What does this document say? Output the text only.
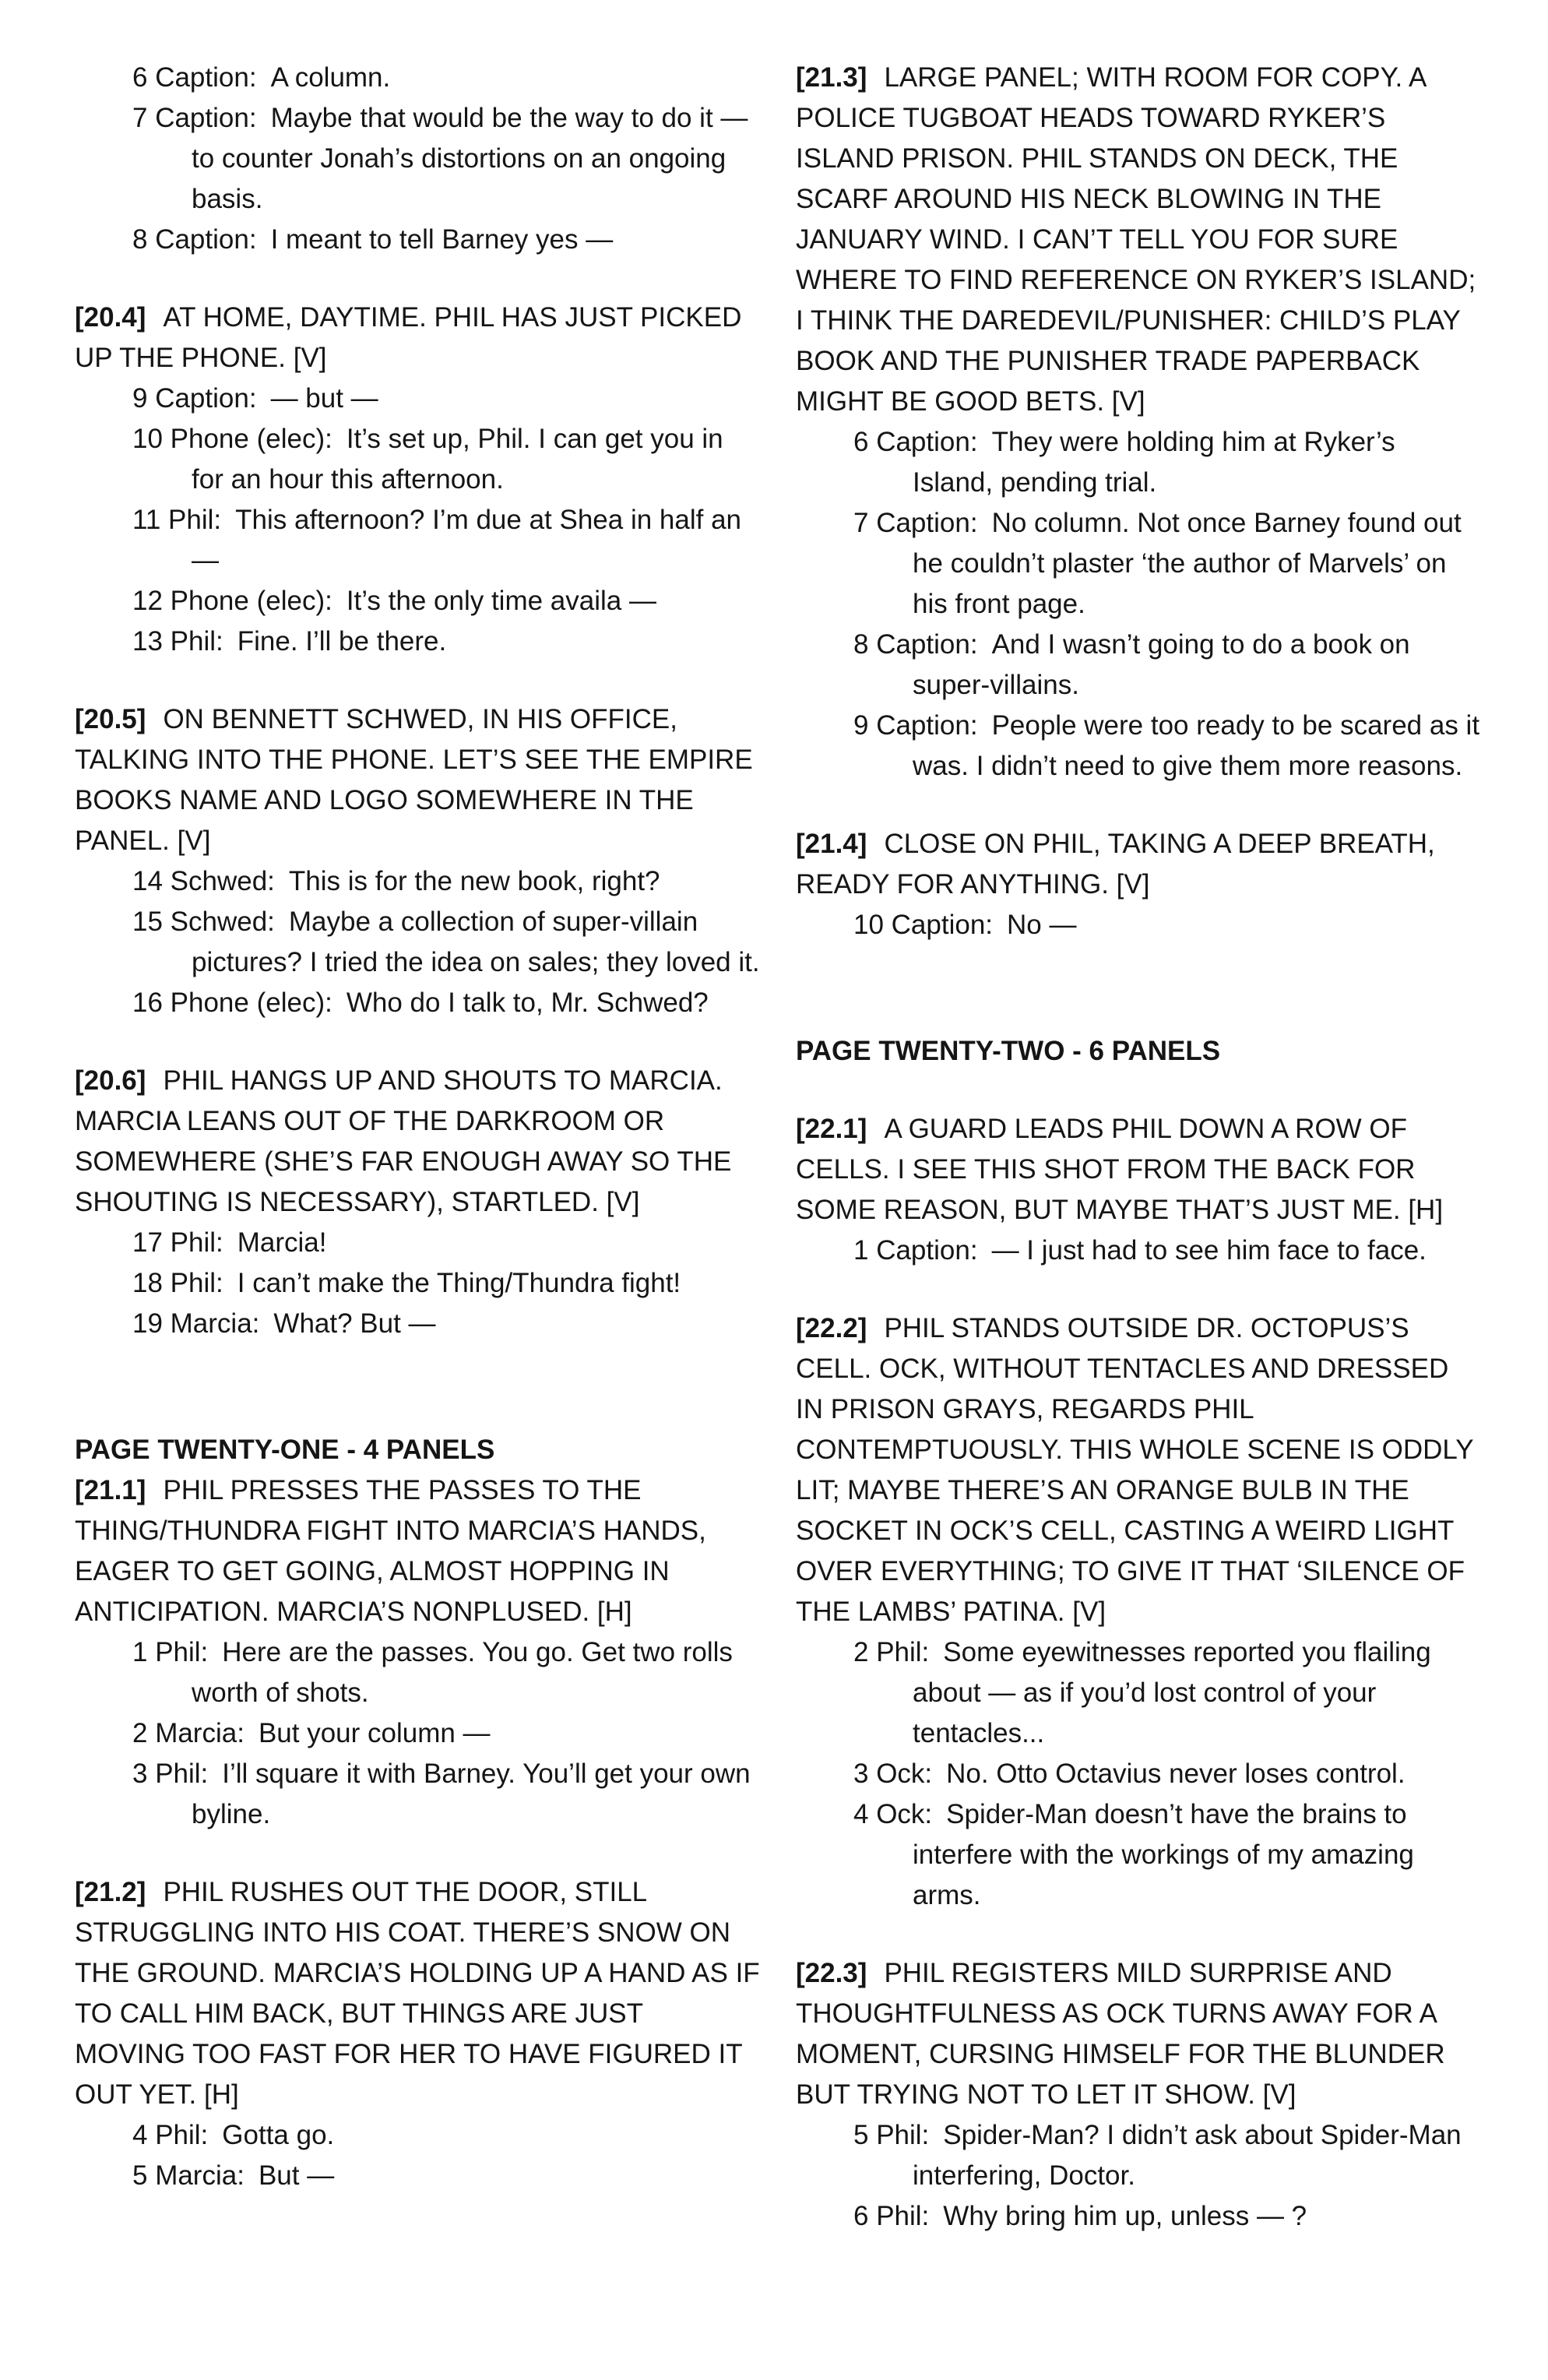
6 Caption: A column.
7 Caption: Maybe that would be the way to do it — to counter Jonah’s distortions on an ongoing basis.
8 Caption: I meant to tell Barney yes —

[20.4] AT HOME, DAYTIME. PHIL HAS JUST PICKED UP THE PHONE. [V]

9 Caption: — but —
10 Phone (elec): It’s set up, Phil. I can get you in for an hour this afternoon.
11 Phil: This afternoon? I’m due at Shea in half an —
12 Phone (elec): It’s the only time availa —
13 Phil: Fine. I’ll be there.

[20.5] ON BENNETT SCHWED, IN HIS OFFICE, TALKING INTO THE PHONE. LET’S SEE THE EMPIRE BOOKS NAME AND LOGO SOMEWHERE IN THE PANEL. [V]

14 Schwed: This is for the new book, right?
15 Schwed: Maybe a collection of super-villain pictures? I tried the idea on sales; they loved it.
16 Phone (elec): Who do I talk to, Mr. Schwed?

[20.6] PHIL HANGS UP AND SHOUTS TO MARCIA. MARCIA LEANS OUT OF THE DARKROOM OR SOMEWHERE (SHE’S FAR ENOUGH AWAY SO THE SHOUTING IS NECESSARY), STARTLED. [V]

17 Phil: Marcia!
18 Phil: I can’t make the Thing/Thundra fight!
19 Marcia: What? But —

PAGE TWENTY-ONE - 4 PANELS

[21.1] PHIL PRESSES THE PASSES TO THE THING/THUNDRA FIGHT INTO MARCIA’S HANDS, EAGER TO GET GOING, ALMOST HOPPING IN ANTICIPATION. MARCIA’S NONPLUSED. [H]

1 Phil: Here are the passes. You go. Get two rolls worth of shots.
2 Marcia: But your column —
3 Phil: I’ll square it with Barney. You’ll get your own byline.

[21.2] PHIL RUSHES OUT THE DOOR, STILL STRUGGLING INTO HIS COAT. THERE’S SNOW ON THE GROUND. MARCIA’S HOLDING UP A HAND AS IF TO CALL HIM BACK, BUT THINGS ARE JUST MOVING TOO FAST FOR HER TO HAVE FIGURED IT OUT YET. [H]

4 Phil: Gotta go.
5 Marcia: But —

[21.3] LARGE PANEL; WITH ROOM FOR COPY. A POLICE TUGBOAT HEADS TOWARD RYKER’S ISLAND PRISON. PHIL STANDS ON DECK, THE SCARF AROUND HIS NECK BLOWING IN THE JANUARY WIND. I CAN’T TELL YOU FOR SURE WHERE TO FIND REFERENCE ON RYKER’S ISLAND; I THINK THE DAREDEVIL/PUNISHER: CHILD’S PLAY BOOK AND THE PUNISHER TRADE PAPERBACK MIGHT BE GOOD BETS. [V]

6 Caption: They were holding him at Ryker’s Island, pending trial.
7 Caption: No column. Not once Barney found out he couldn’t plaster ‘the author of Marvels’ on his front page.
8 Caption: And I wasn’t going to do a book on super-villains.
9 Caption: People were too ready to be scared as it was. I didn’t need to give them more reasons.

[21.4] CLOSE ON PHIL, TAKING A DEEP BREATH, READY FOR ANYTHING. [V]

10 Caption: No —

PAGE TWENTY-TWO - 6 PANELS

[22.1] A GUARD LEADS PHIL DOWN A ROW OF CELLS. I SEE THIS SHOT FROM THE BACK FOR SOME REASON, BUT MAYBE THAT’S JUST ME. [H]

1 Caption: — I just had to see him face to face.

[22.2] PHIL STANDS OUTSIDE DR. OCTOPUS’S CELL. OCK, WITHOUT TENTACLES AND DRESSED IN PRISON GRAYS, REGARDS PHIL CONTEMPTUOUSLY. THIS WHOLE SCENE IS ODDLY LIT; MAYBE THERE’S AN ORANGE BULB IN THE SOCKET IN OCK’S CELL, CASTING A WEIRD LIGHT OVER EVERYTHING; TO GIVE IT THAT ‘SILENCE OF THE LAMBS’ PATINA. [V]

2 Phil: Some eyewitnesses reported you flailing about — as if you’d lost control of your tentacles...
3 Ock: No. Otto Octavius never loses control.
4 Ock: Spider-Man doesn’t have the brains to interfere with the workings of my amazing arms.

[22.3] PHIL REGISTERS MILD SURPRISE AND THOUGHTFULNESS AS OCK TURNS AWAY FOR A MOMENT, CURSING HIMSELF FOR THE BLUNDER BUT TRYING NOT TO LET IT SHOW. [V]

5 Phil: Spider-Man? I didn’t ask about Spider-Man interfering, Doctor.
6 Phil: Why bring him up, unless — ?
